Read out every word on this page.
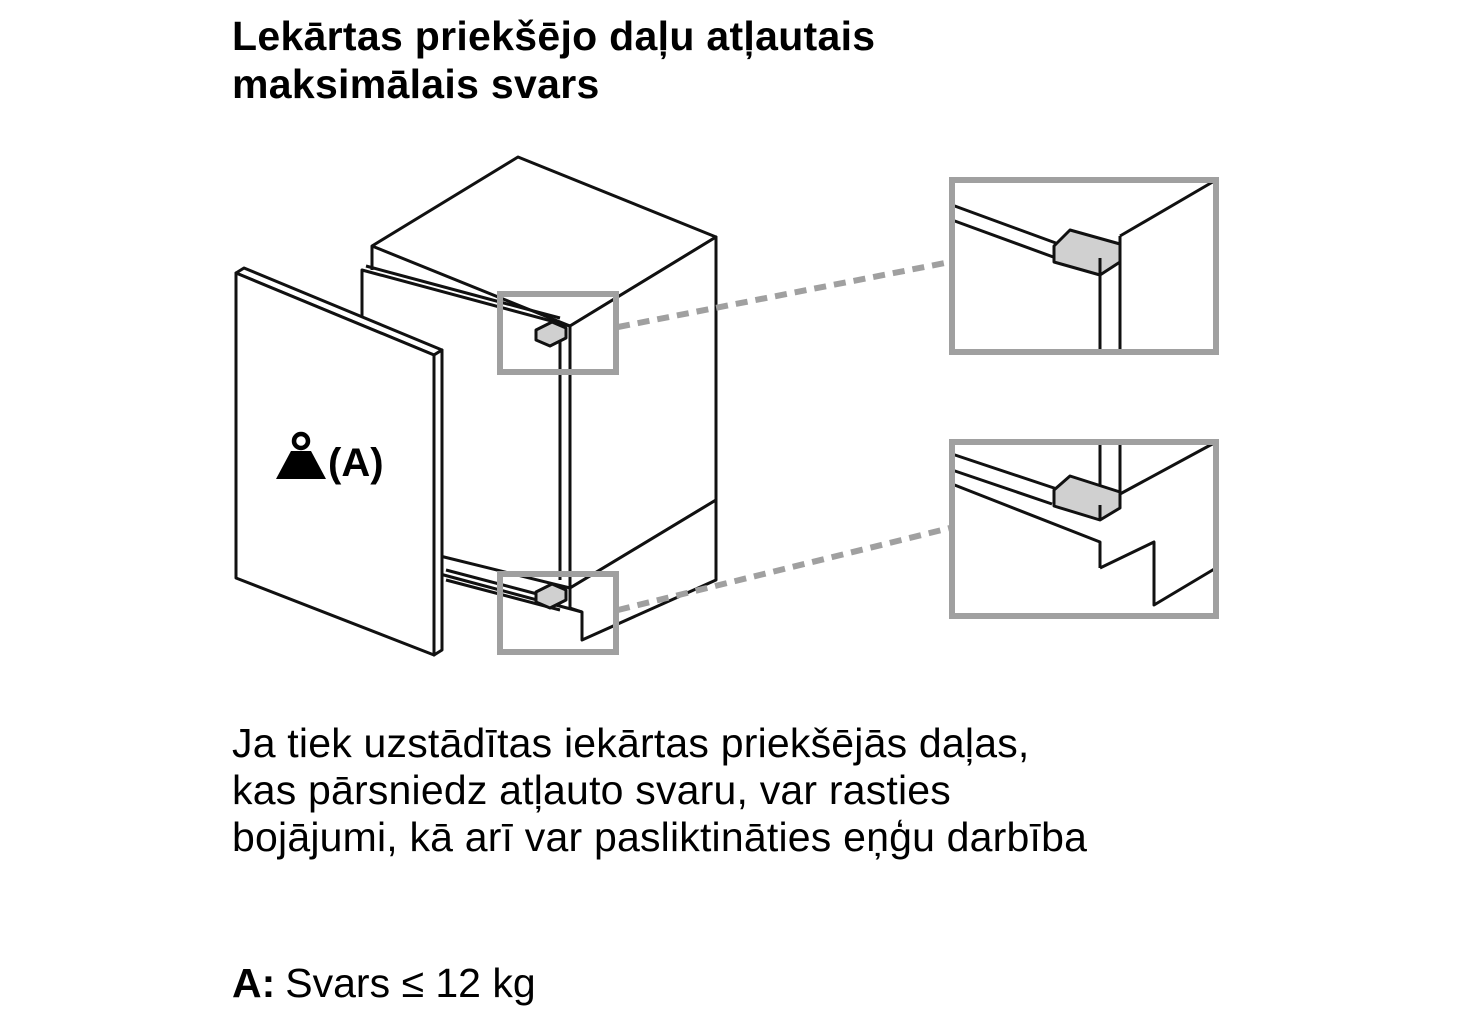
Lekārtas priekšējo daļu atļautais
maksimālais svars
(A)

Ja tiek uzstādītas iekārtas priekšējās daļas,
kas pārsniedz atļauto svaru, var rasties
bojājumi, kā arī var pasliktināties eņģu darbība

A: Svars ≤ 12 kg
